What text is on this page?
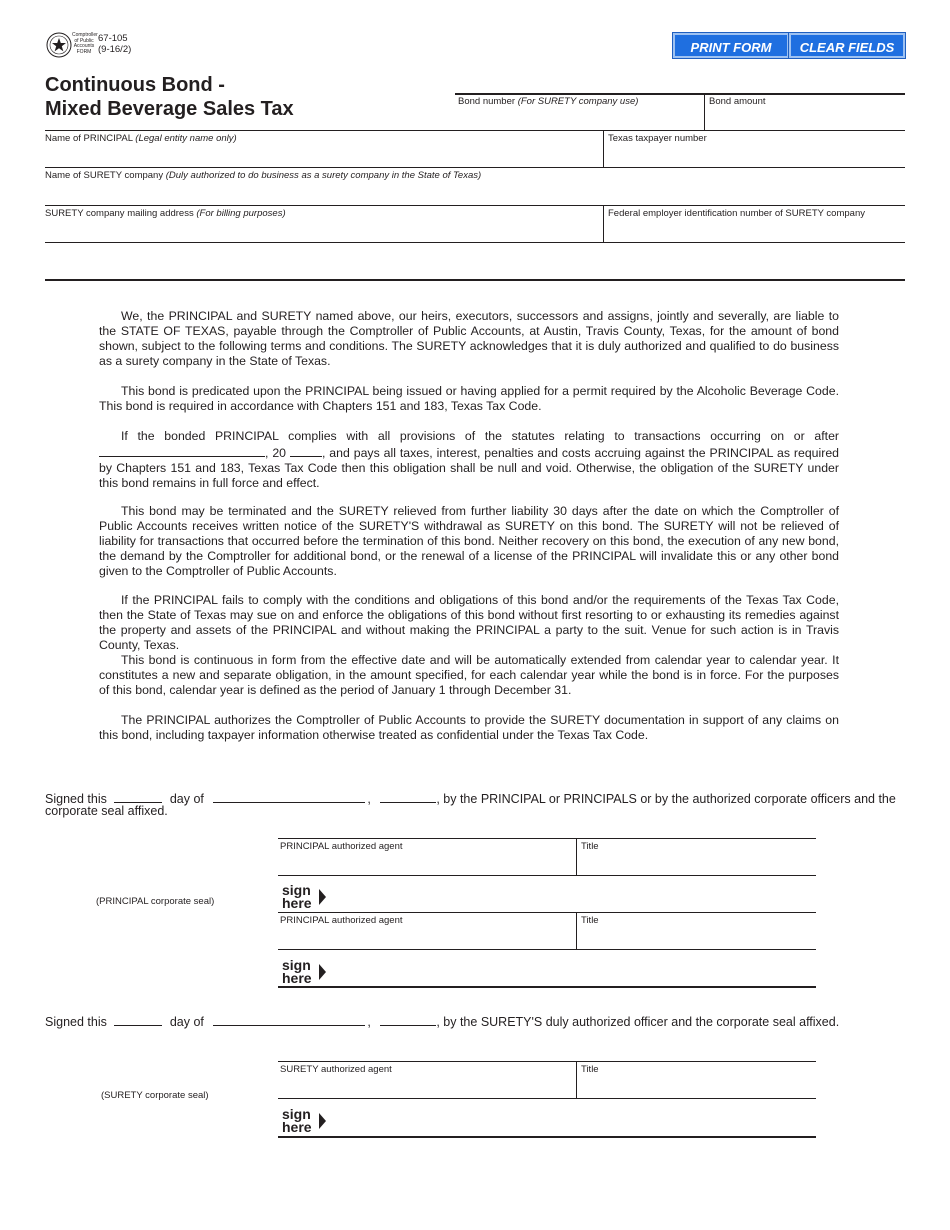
Comptroller of Public Accounts FORM
67-105
(9-16/2)	PRINT FORM	CLEAR FIELDS
Continuous Bond -
Mixed Beverage Sales Tax	Bond number (For SURETY company use)	Bond amount
Name of PRINCIPAL (Legal entity name only)	Texas taxpayer number
Name of SURETY company (Duly authorized to do business as a surety company in the State of Texas)
SURETY company mailing address (For billing purposes)	Federal employer identification number of SURETY company
We, the PRINCIPAL and SURETY named above, our heirs, executors, successors and assigns, jointly and severally, are liable to the STATE OF TEXAS, payable through the Comptroller of Public Accounts, at Austin, Travis County, Texas, for the amount of bond shown, subject to the following terms and conditions. The SURETY acknowledges that it is duly authorized and qualified to do business as a surety company in the State of Texas.
This bond is predicated upon the PRINCIPAL being issued or having applied for a permit required by the Alcoholic Beverage Code. This bond is required in accordance with Chapters 151 and 183, Texas Tax Code.
If the bonded PRINCIPAL complies with all provisions of the statutes relating to transactions occurring on or after , 20	, and pays all taxes, interest, penalties and costs accruing against the PRINCIPAL as required by Chapters 151 and 183, Texas Tax Code then this obligation shall be null and void. Otherwise, the obligation of the SURETY under this bond remains in full force and effect.
This bond may be terminated and the SURETY relieved from further liability 30 days after the date on which the Comptroller of Public Accounts receives written notice of the SURETY'S withdrawal as SURETY on this bond. The SURETY will not be relieved of liability for transactions that occurred before the termination of this bond. Neither recovery on this bond, the execution of any new bond, the demand by the Comptroller for additional bond, or the renewal of a license of the PRINCIPAL will invalidate this or any other bond given to the Comptroller of Public Accounts.
If the PRINCIPAL fails to comply with the conditions and obligations of this bond and/or the requirements of the Texas Tax Code, then the State of Texas may sue on and enforce the obligations of this bond without first resorting to or exhausting its remedies against the property and assets of the PRINCIPAL and without making the PRINCIPAL a party to the suit. Venue for such action is in Travis County, Texas.
This bond is continuous in form from the effective date and will be automatically extended from calendar year to calendar year. It constitutes a new and separate obligation, in the amount specified, for each calendar year while the bond is in force. For the purposes of this bond, calendar year is defined as the period of January 1 through December 31.
The PRINCIPAL authorizes the Comptroller of Public Accounts to provide the SURETY documentation in support of any claims on this bond, including taxpayer information otherwise treated as confidential under the Texas Tax Code.
Signed this	day of	,	, by the PRINCIPAL or PRINCIPALS or by the authorized corporate officers and the
corporate seal affixed.
PRINCIPAL authorized agent	Title
sign
here
(PRINCIPAL corporate seal)
PRINCIPAL authorized agent	Title
sign
here
Signed this	day of	,	, by the SURETY'S duly authorized officer and the corporate seal affixed.
SURETY authorized agent	Title
(SURETY corporate seal)
sign
here
